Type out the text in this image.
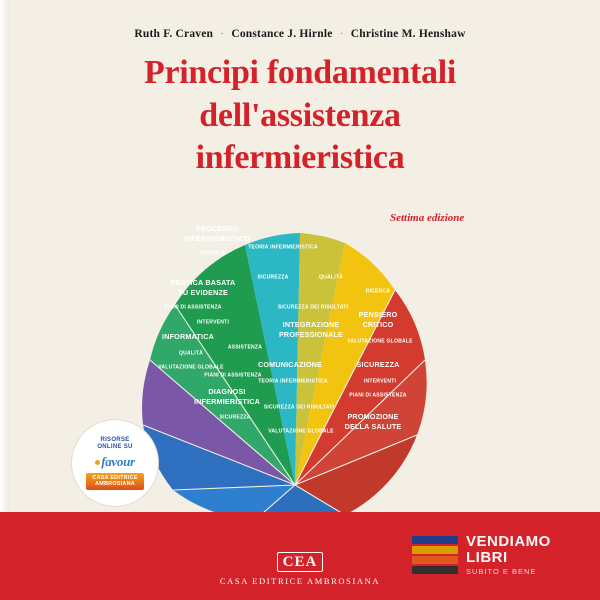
Ruth F. Craven · Constance J. Hirnle · Christine M. Henshaw
Principi fondamentali
dell'assistenza
infermieristica
Settima edizione
PROCESSO
INFERMIERISTICO
RICERCA
PRATICA BASATA
SU EVIDENZE
PIANI DI ASSISTENZA
INTERVENTI
INFORMATICA
QUALITÀ
VALUTAZIONE GLOBALE
ASSISTENZA
PIANI DI ASSISTENZA
DIAGNOSI
INFERMIERISTICA
SICUREZZA
TEORIA INFERMIERISTICA
SICUREZZA
COMUNICAZIONE
TEORIA INFERMIERISTICA
SICUREZZA DEI RISULTATI
VALUTAZIONE GLOBALE
SICUREZZA DEI RISULTATI
INTEGRAZIONE
PROFESSIONALE
QUALITÀ
RICERCA
PENSIERO
CRITICO
VALUTAZIONE GLOBALE
SICUREZZA
INTERVENTI
PIANI DI ASSISTENZA
PROMOZIONE
DELLA SALUTE
RISORSE
ONLINE SU
favour
CASA EDITRICE AMBROSIANA
CEA
CASA EDITRICE AMBROSIANA
VENDIAMO
LIBRI
SUBITO E BENE
